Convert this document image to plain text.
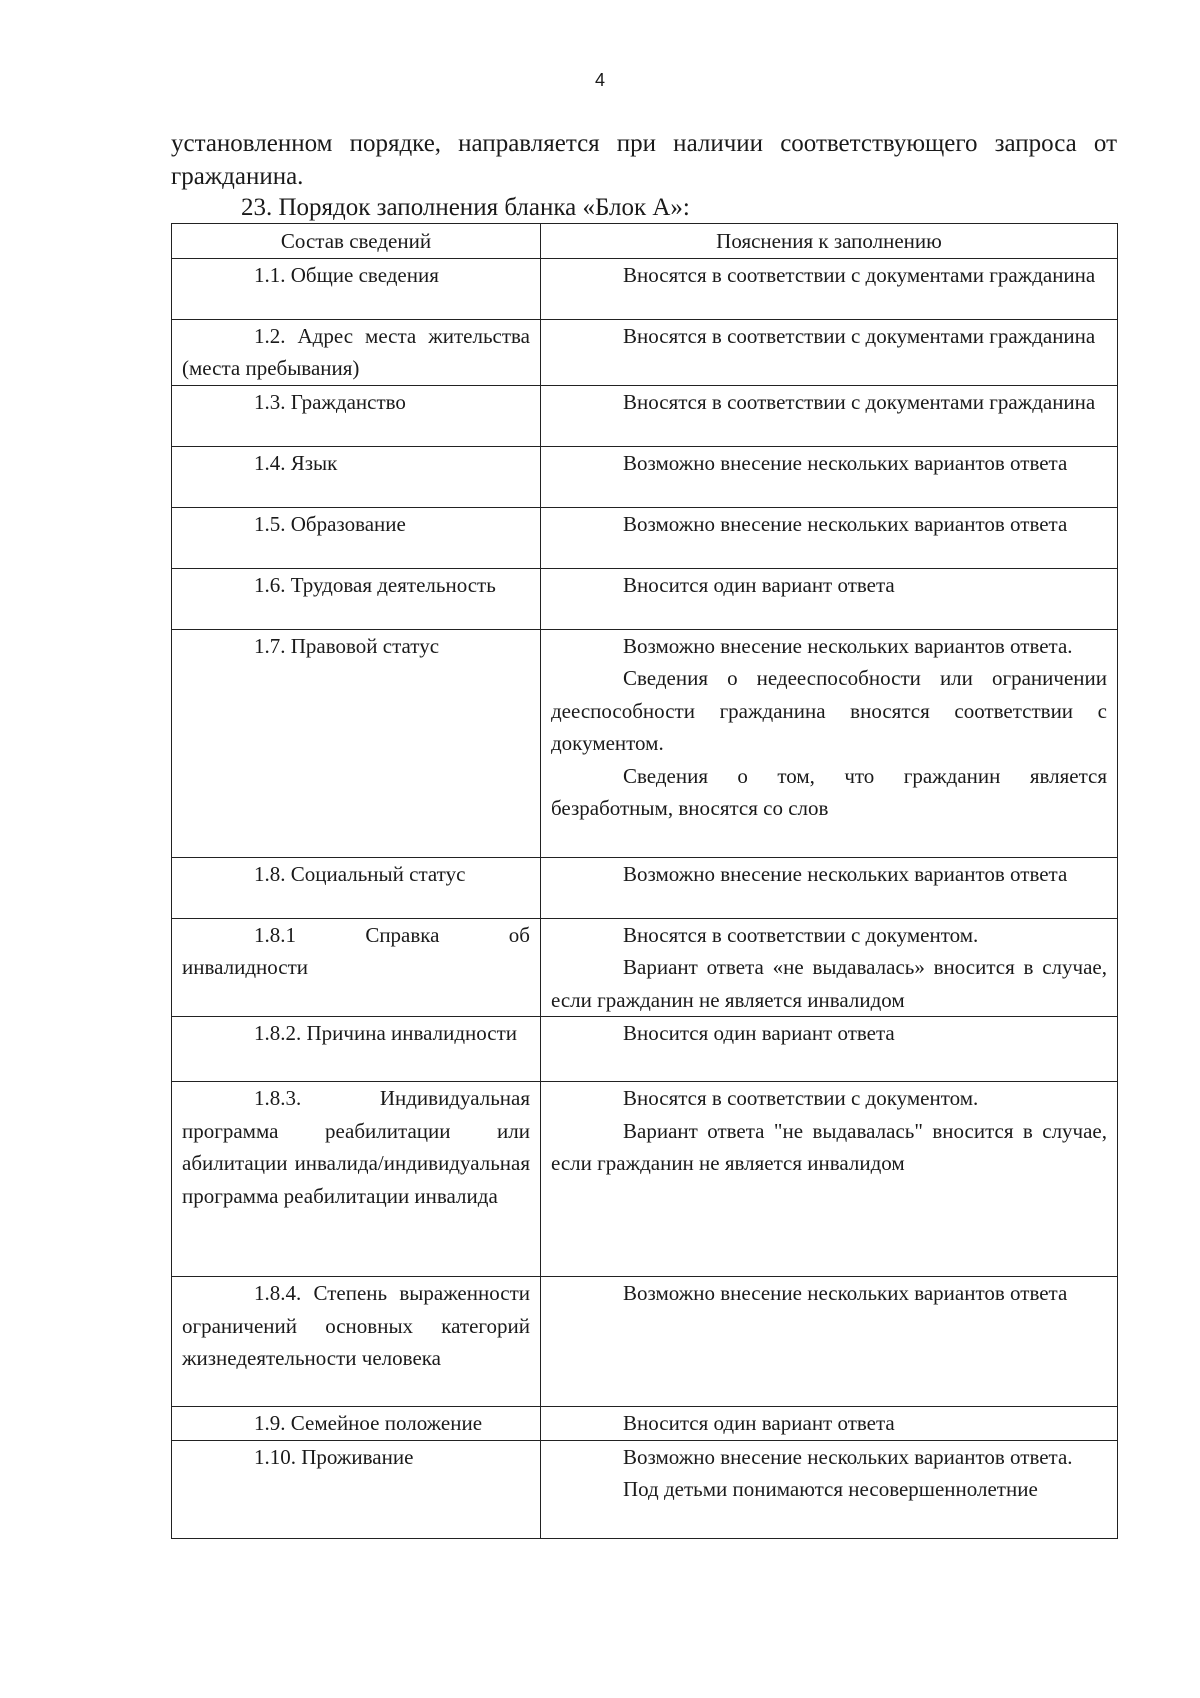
4

установленном порядке, направляется при наличии соответствующего запроса от гражданина.

23. Порядок заполнения бланка «Блок А»:

Состав сведений	Пояснения к заполнению

1.1. Общие сведения	Вносятся в соответствии с документами гражданина

1.2. Адрес места жительства (места пребывания)	Вносятся в соответствии с документами гражданина

1.3. Гражданство	Вносятся в соответствии с документами гражданина

1.4. Язык	Возможно внесение нескольких вариантов ответа

1.5. Образование	Возможно внесение нескольких вариантов ответа

1.6. Трудовая деятельность	Вносится один вариант ответа

1.7. Правовой статус	Возможно внесение нескольких вариантов ответа.

Сведения о недееспособности или ограничении дееспособности гражданина вносятся соответствии с документом.

Сведения о том, что гражданин является безработным, вносятся со слов

1.8. Социальный статус	Возможно внесение нескольких вариантов ответа

1.8.1 Справка об инвалидности	Вносятся в соответствии с документом.

Вариант ответа «не выдавалась» вносится в случае, если гражданин не является инвалидом

1.8.2. Причина инвалидности	Вносится один вариант ответа

1.8.3. Индивидуальная программа реабилитации или абилитации инвалида/индивидуальная программа реабилитации инвалида	Вносятся в соответствии с документом.

Вариант ответа "не выдавалась" вносится в случае, если гражданин не является инвалидом

1.8.4. Степень выраженности ограничений основных категорий жизнедеятельности человека	Возможно внесение нескольких вариантов ответа

1.9. Семейное положение	Вносится один вариант ответа

1.10. Проживание	Возможно внесение нескольких вариантов ответа.

Под детьми понимаются несовершеннолетние
